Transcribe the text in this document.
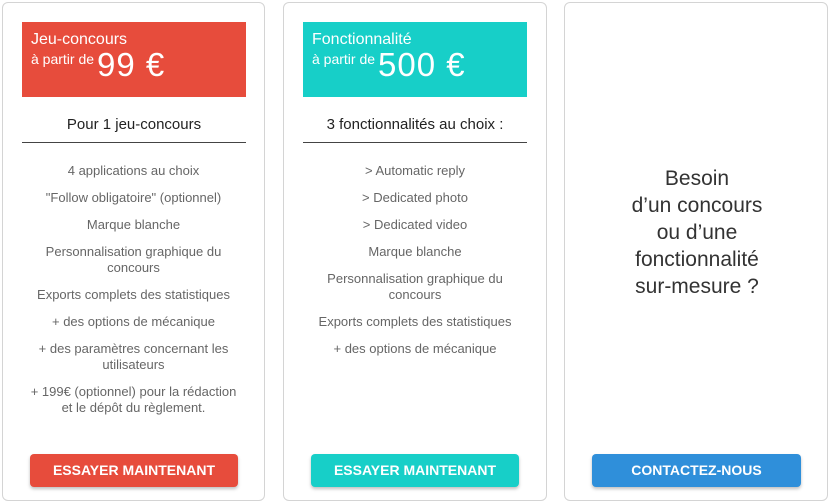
Jeu-concours
à partir de 99 €
Pour 1 jeu-concours
4 applications au choix
"Follow obligatoire" (optionnel)
Marque blanche
Personnalisation graphique du concours
Exports complets des statistiques
+ des options de mécanique
+ des paramètres concernant les utilisateurs
+ 199€ (optionnel) pour la rédaction et le dépôt du règlement.
ESSAYER MAINTENANT
Fonctionnalité
à partir de 500 €
3 fonctionnalités au choix :
> Automatic reply
> Dedicated photo
> Dedicated video
Marque blanche
Personnalisation graphique du concours
Exports complets des statistiques
+ des options de mécanique
ESSAYER MAINTENANT
Besoin
d’un concours
ou d’une
fonctionnalité
sur-mesure ?
CONTACTEZ-NOUS
